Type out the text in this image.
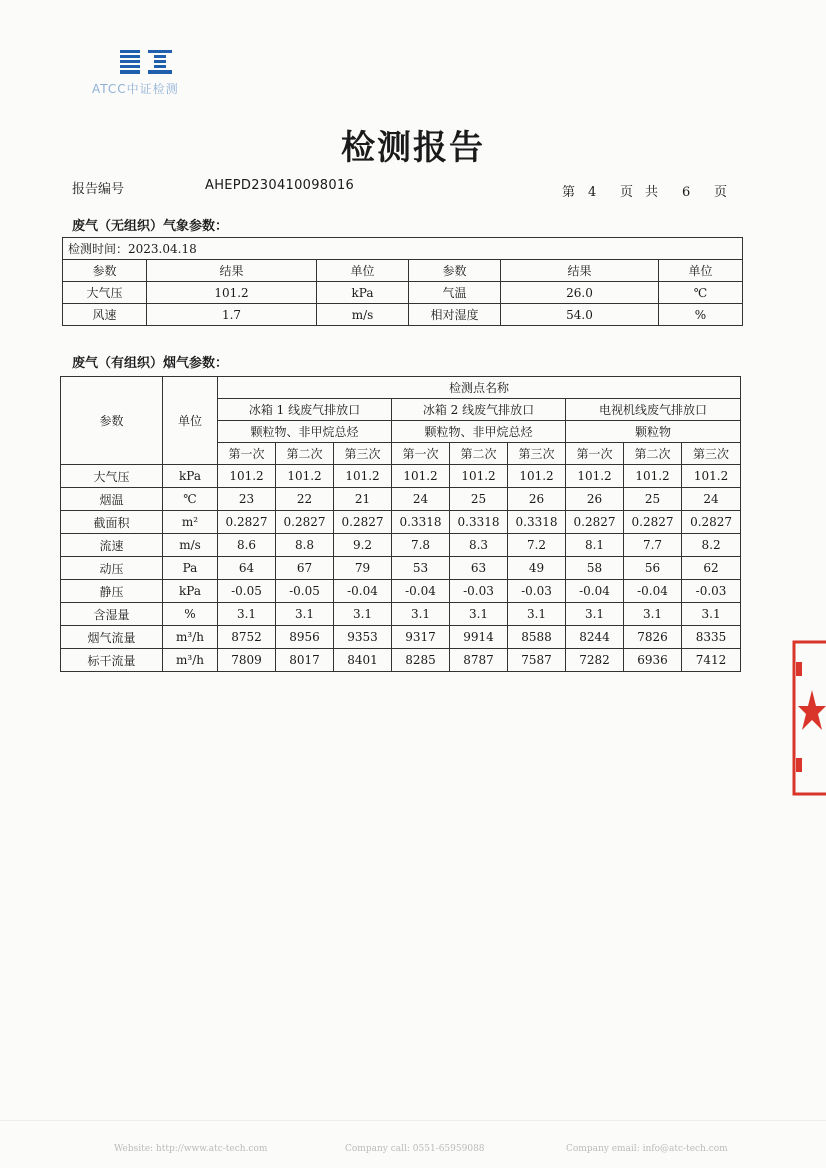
ATCC中证检测
检测报告
报告编号	AHEPD230410098016	第 4 页共 6 页
废气（无组织）气象参数：
检测时间：2023.04.18					
参数	结果	单位	参数	结果	单位
大气压	101.2	kPa	气温	26.0	℃
风速	1.7	m/s	相对湿度	54.0	%
废气（有组织）烟气参数：
参数	单位	检测点名称								
		冰箱 1 线废气排放口			冰箱 2 线废气排放口			电视机线废气排放口		
		颗粒物、非甲烷总烃			颗粒物、非甲烷总烃			颗粒物		
		第一次	第二次	第三次	第一次	第二次	第三次	第一次	第二次	第三次
大气压	kPa	101.2	101.2	101.2	101.2	101.2	101.2	101.2	101.2	101.2
烟温	℃	23	22	21	24	25	26	26	25	24
截面积	m²	0.2827	0.2827	0.2827	0.3318	0.3318	0.3318	0.2827	0.2827	0.2827
流速	m/s	8.6	8.8	9.2	7.8	8.3	7.2	8.1	7.7	8.2
动压	Pa	64	67	79	53	63	49	58	56	62
静压	kPa	-0.05	-0.05	-0.04	-0.04	-0.03	-0.03	-0.04	-0.04	-0.03
含湿量	%	3.1	3.1	3.1	3.1	3.1	3.1	3.1	3.1	3.1
烟气流量	m³/h	8752	8956	9353	9317	9914	8588	8244	7826	8335
标干流量	m³/h	7809	8017	8401	8285	8787	7587	7282	6936	7412
Website: http://www.atc-tech.com	Company call: 0551-65959088	Company email: info@atc-tech.com
